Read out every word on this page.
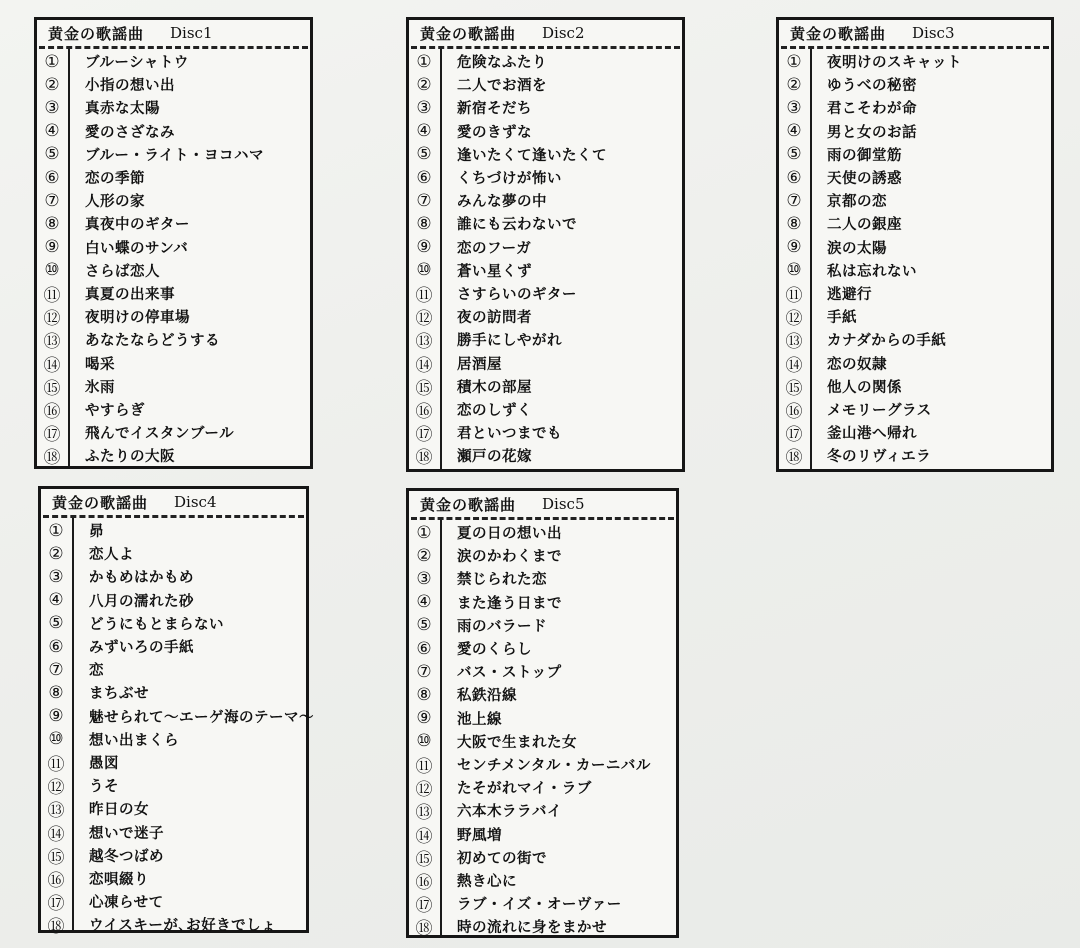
黄金の歌謡曲 Disc1
①	ブルーシャトウ
②	小指の想い出
③	真赤な太陽
④	愛のさざなみ
⑤	ブルー・ライト・ヨコハマ
⑥	恋の季節
⑦	人形の家
⑧	真夜中のギター
⑨	白い蝶のサンバ
⑩	さらば恋人
⑪ 真夏の出来事
⑫ 夜明けの停車場
⑬ あなたならどうする
⑭ 喝采
⑮ 氷雨
⑯ やすらぎ
⑰ 飛んでイスタンブール
⑱ ふたりの大阪
黄金の歌謡曲 Disc2
①	危険なふたり
②	二人でお酒を
③	新宿そだち
④	愛のきずな
⑤	逢いたくて逢いたくて
⑥	くちづけが怖い
⑦	みんな夢の中
⑧	誰にも云わないで
⑨	恋のフーガ
⑩	蒼い星くず
⑪ さすらいのギター
⑫ 夜の訪問者
⑬ 勝手にしやがれ
⑭ 居酒屋
⑮ 積木の部屋
⑯ 恋のしずく
⑰ 君といつまでも
⑱ 瀬戸の花嫁
黄金の歌謡曲 Disc3
①	夜明けのスキャット
②	ゆうべの秘密
③	君こそわが命
④	男と女のお話
⑤	雨の御堂筋
⑥	天使の誘惑
⑦	京都の恋
⑧	二人の銀座
⑨	涙の太陽
⑩	私は忘れない
⑪ 逃避行
⑫ 手紙
⑬ カナダからの手紙
⑭ 恋の奴隷
⑮ 他人の関係
⑯ メモリーグラス
⑰ 釜山港へ帰れ
⑱ 冬のリヴィエラ
黄金の歌謡曲 Disc4
①	昴
②	恋人よ
③	かもめはかもめ
④	八月の濡れた砂
⑤	どうにもとまらない
⑥	みずいろの手紙
⑦	恋
⑧	まちぶせ
⑨	魅せられて～エーゲ海のテーマ～
⑩	想い出まくら
⑪ 愚図
⑫ うそ
⑬ 昨日の女
⑭ 想いで迷子
⑮ 越冬つばめ
⑯ 恋唄綴り
⑰ 心凍らせて
⑱ ウイスキーが､お好きでしょ
黄金の歌謡曲 Disc5
①	夏の日の想い出
②	涙のかわくまで
③	禁じられた恋
④	また逢う日まで
⑤	雨のバラード
⑥	愛のくらし
⑦	バス・ストップ
⑧	私鉄沿線
⑨	池上線
⑩	大阪で生まれた女
⑪ センチメンタル・カーニバル
⑫ たそがれマイ・ラブ
⑬ 六本木ララバイ
⑭ 野風増
⑮ 初めての街で
⑯ 熱き心に
⑰ ラブ・イズ・オーヴァー
⑱ 時の流れに身をまかせ
